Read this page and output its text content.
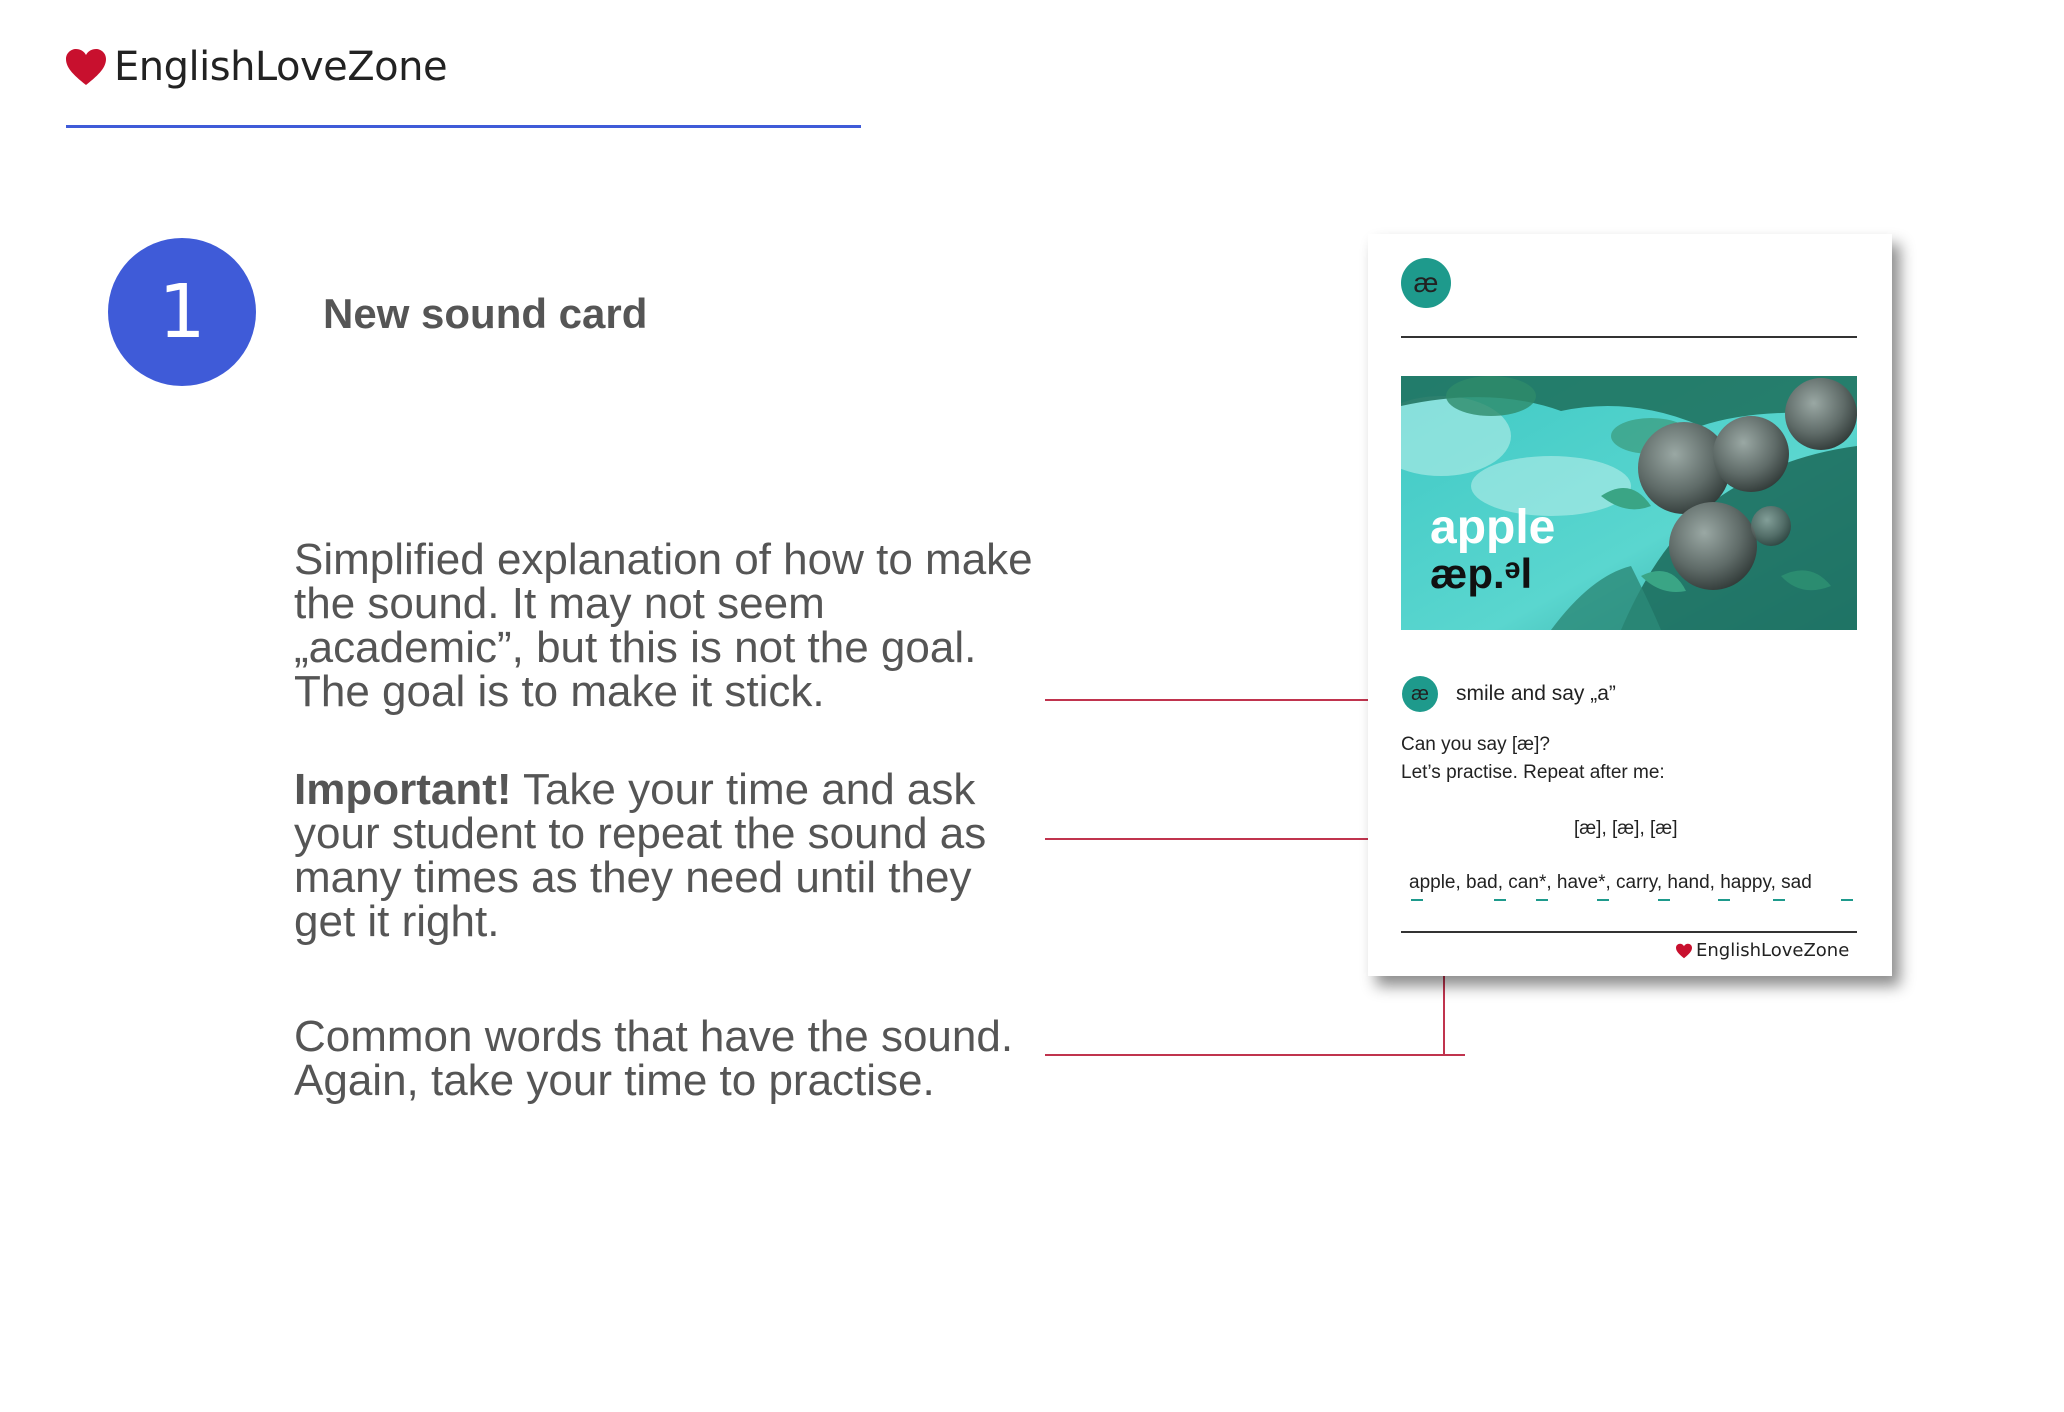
EnglishLoveZone
1	New sound card
Simplified explanation of how to make the sound. It may not seem „academic”, but this is not the goal. The goal is to make it stick.
Important! Take your time and ask your student to repeat the sound as many times as they need until they get it right.
Common words that have the sound. Again, take your time to practise.
æ
apple
æp.ᵊl
æ	smile and say „a”
Can you say [æ]?
Let’s practise. Repeat after me:
[æ], [æ], [æ]
apple, bad, can*, have*, carry, hand, happy, sad
EnglishLoveZone
